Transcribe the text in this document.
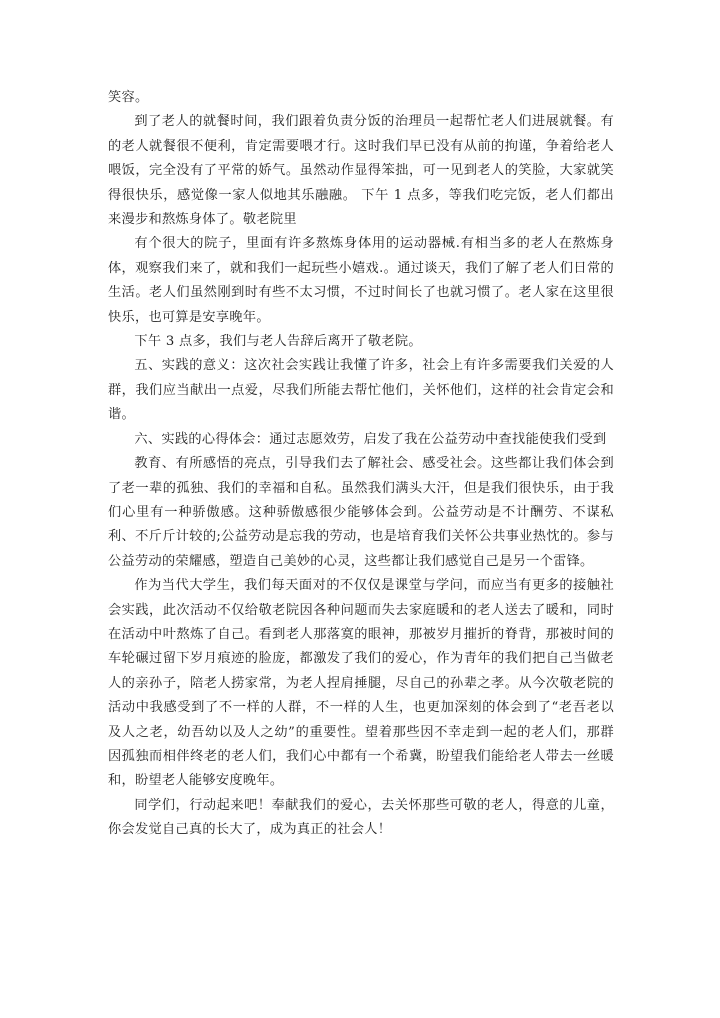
笑容。

到了老人的就餐时间，我们跟着负责分饭的治理员一起帮忙老人们进展就餐。有的老人就餐很不便利，肯定需要喂才行。这时我们早已没有从前的拘谨，争着给老人喂饭，完全没有了平常的娇气。虽然动作显得笨拙，可一见到老人的笑脸，大家就笑得很快乐，感觉像一家人似地其乐融融。 下午 1 点多，等我们吃完饭，老人们都出来漫步和熬炼身体了。敬老院里

有个很大的院子，里面有许多熬炼身体用的运动器械.有相当多的老人在熬炼身体，观察我们来了，就和我们一起玩些小嬉戏.。通过谈天，我们了解了老人们日常的生活。老人们虽然刚到时有些不太习惯，不过时间长了也就习惯了。老人家在这里很快乐，也可算是安享晚年。

下午 3 点多，我们与老人告辞后离开了敬老院。

五、实践的意义：这次社会实践让我懂了许多，社会上有许多需要我们关爱的人群，我们应当献出一点爱，尽我们所能去帮忙他们，关怀他们，这样的社会肯定会和谐。

六、实践的心得体会：通过志愿效劳，启发了我在公益劳动中查找能使我们受到

教育、有所感悟的亮点，引导我们去了解社会、感受社会。这些都让我们体会到了老一辈的孤独、我们的幸福和自私。虽然我们满头大汗，但是我们很快乐，由于我们心里有一种骄傲感。这种骄傲感很少能够体会到。公益劳动是不计酬劳、不谋私利、不斤斤计较的;公益劳动是忘我的劳动，也是培育我们关怀公共事业热忱的。参与公益劳动的荣耀感，塑造自己美妙的心灵，这些都让我们感觉自己是另一个雷锋。

作为当代大学生，我们每天面对的不仅仅是课堂与学问，而应当有更多的接触社会实践，此次活动不仅给敬老院因各种问题而失去家庭暖和的老人送去了暖和，同时在活动中叶熬炼了自己。看到老人那落寞的眼神，那被岁月摧折的脊背，那被时间的车轮碾过留下岁月痕迹的脸庞，都激发了我们的爱心，作为青年的我们把自己当做老人的亲孙子，陪老人捞家常，为老人捏肩捶腿，尽自己的孙辈之孝。从今次敬老院的活动中我感受到了不一样的人群，不一样的人生，也更加深刻的体会到了“老吾老以及人之老，幼吾幼以及人之幼”的重要性。望着那些因不幸走到一起的老人们，那群因孤独而相伴终老的老人们，我们心中都有一个希冀，盼望我们能给老人带去一丝暖和，盼望老人能够安度晚年。

同学们，行动起来吧！奉献我们的爱心，去关怀那些可敬的老人，得意的儿童，你会发觉自己真的长大了，成为真正的社会人！
